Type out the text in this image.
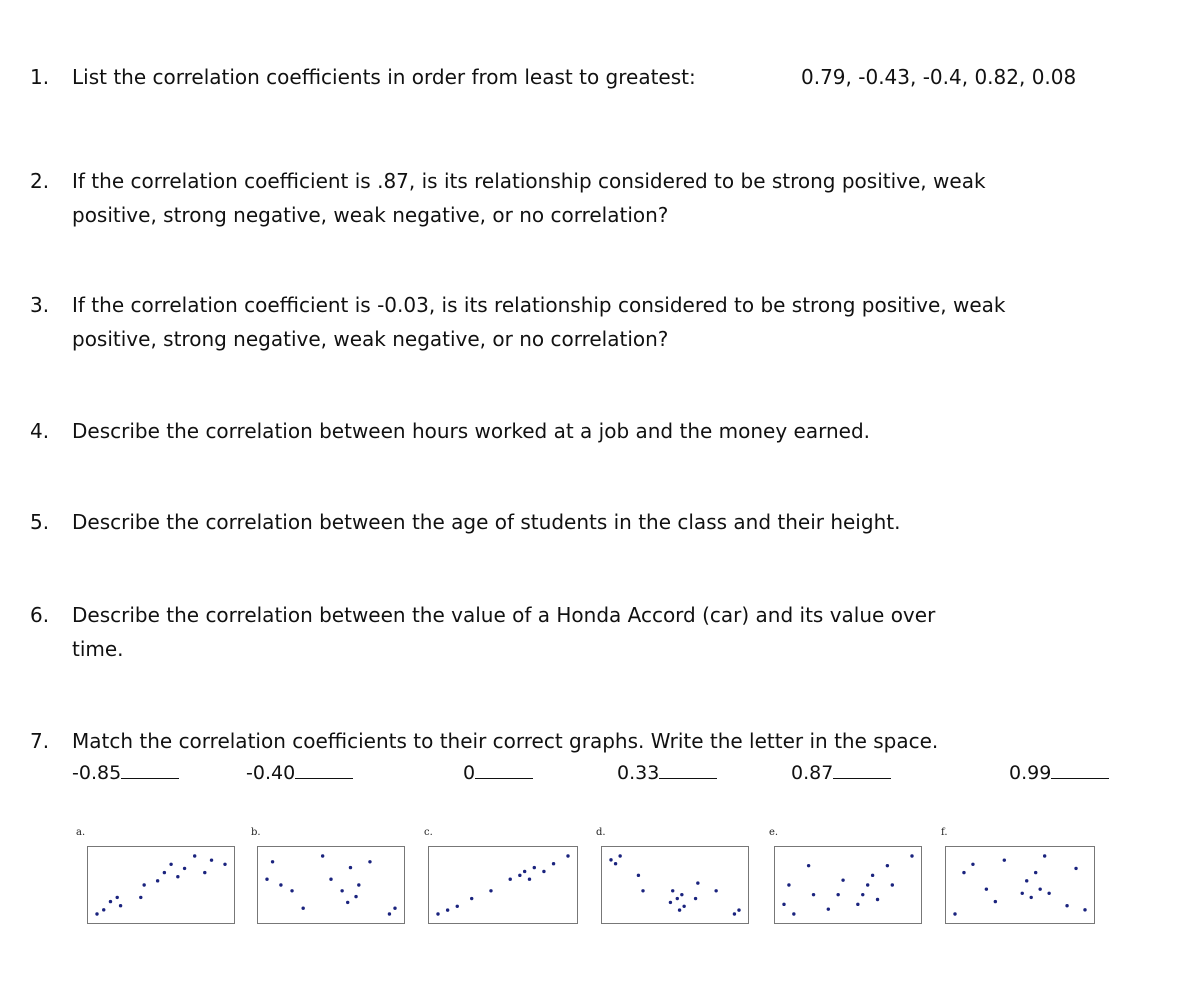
1.	List the correlation coefficients in order from least to greatest:	0.79, -0.43, -0.4, 0.82, 0.08
2.	If the correlation coefficient is .87, is its relationship considered to be strong positive, weak
positive, strong negative, weak negative, or no correlation?
3.	If the correlation coefficient is -0.03, is its relationship considered to be strong positive, weak
positive, strong negative, weak negative, or no correlation?
4.	Describe the correlation between hours worked at a job and the money earned.
5.	Describe the correlation between the age of students in the class and their height.
6.	Describe the correlation between the value of a Honda Accord (car) and its value over
time.
7.	Match the correlation coefficients to their correct graphs. Write the letter in the space.
-0.85	-0.40	0	0.33	0.87	0.99
a.	b.	c.	d.	e.	f.
